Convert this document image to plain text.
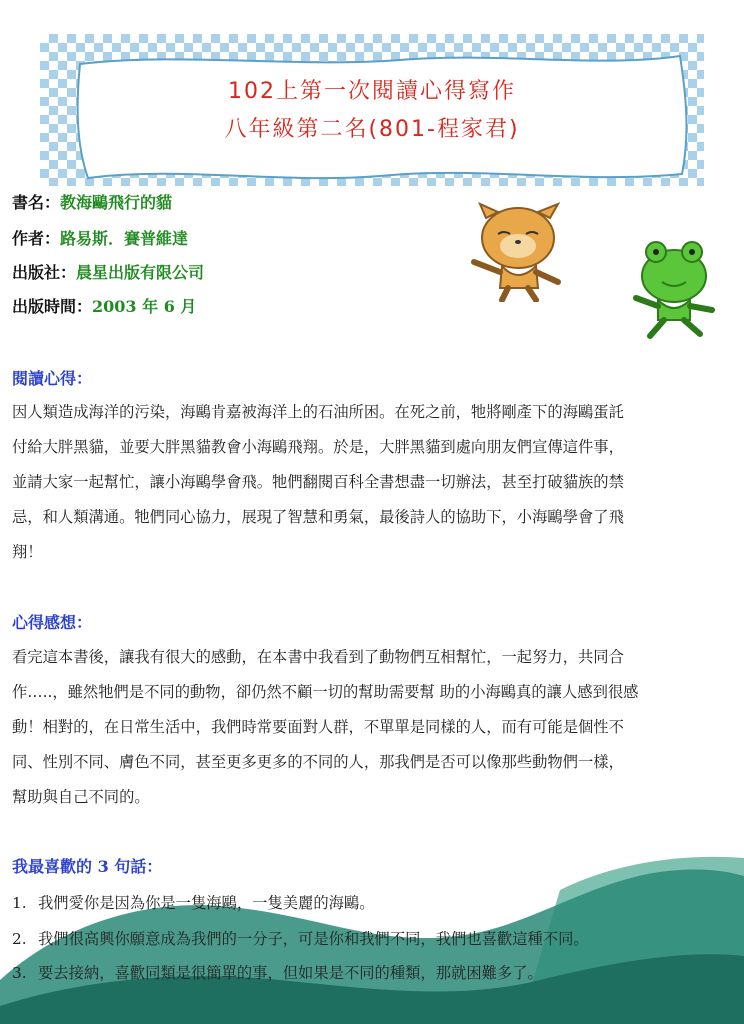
102上第一次閱讀心得寫作
八年級第二名(801-程家君)
書名：教海鷗飛行的貓
作者：路易斯．賽普維達
出版社：晨星出版有限公司
出版時間：2003 年 6 月
閱讀心得：
因人類造成海洋的污染，海鷗肯嘉被海洋上的石油所困。在死之前，牠將剛產下的海鷗蛋託
付給大胖黑貓，並要大胖黑貓教會小海鷗飛翔。於是，大胖黑貓到處向朋友們宣傳這件事，
並請大家一起幫忙，讓小海鷗學會飛。牠們翻閱百科全書想盡一切辦法，甚至打破貓族的禁
忌，和人類溝通。牠們同心協力，展現了智慧和勇氣，最後詩人的協助下，小海鷗學會了飛
翔！
心得感想：
看完這本書後，讓我有很大的感動，在本書中我看到了動物們互相幫忙，一起努力，共同合
作…..，雖然牠們是不同的動物，卻仍然不顧一切的幫助需要幫 助的小海鷗真的讓人感到很感
動！相對的，在日常生活中，我們時常要面對人群，不單單是同樣的人，而有可能是個性不
同、性別不同、膚色不同，甚至更多更多的不同的人，那我們是否可以像那些動物們一樣，
幫助與自己不同的。
我最喜歡的 3 句話：
1. 我們愛你是因為你是一隻海鷗，一隻美麗的海鷗。
2. 我們很高興你願意成為我們的一分子，可是你和我們不同，我們也喜歡這種不同。
3. 要去接納，喜歡同類是很簡單的事，但如果是不同的種類，那就困難多了。
